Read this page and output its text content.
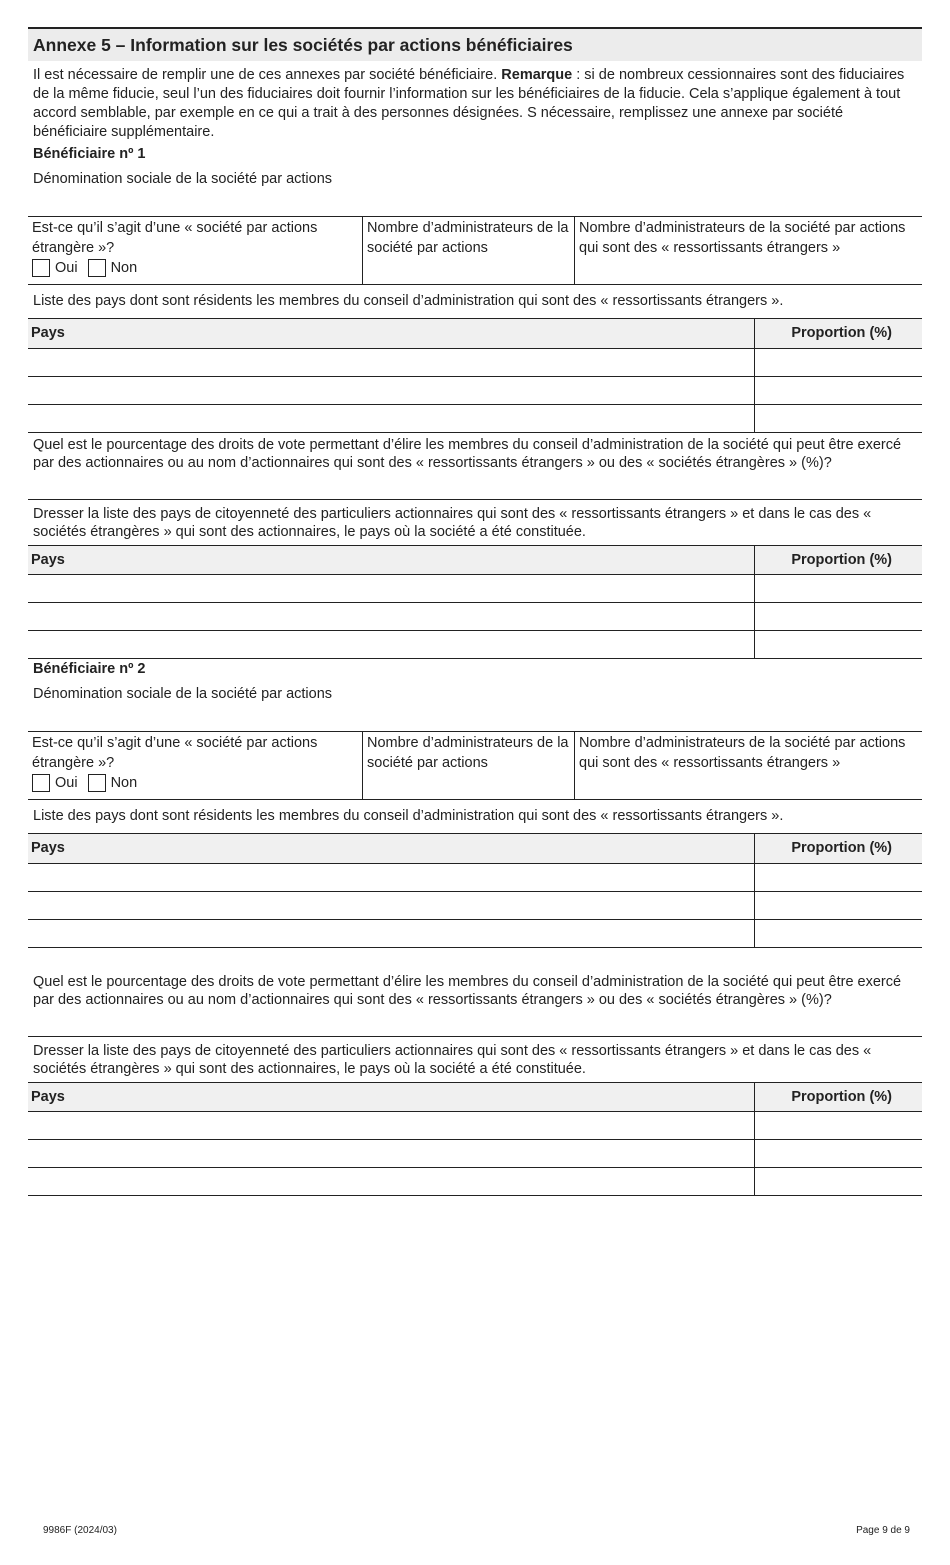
Annexe 5 – Information sur les sociétés par actions bénéficiaires
Il est nécessaire de remplir une de ces annexes par société bénéficiaire. Remarque : si de nombreux cessionnaires sont des fiduciaires de la même fiducie, seul l’un des fiduciaires doit fournir l’information sur les bénéficiaires de la fiducie. Cela s’applique également à tout accord semblable, par exemple en ce qui a trait à des personnes désignées. S nécessaire, remplissez une annexe par société bénéficiaire supplémentaire.
Bénéficiaire nº 1
Dénomination sociale de la société par actions
Est-ce qu’il s’agit d’une « société par actions étrangère »?
Oui Non
Nombre d’administrateurs de la société par actions
Nombre d’administrateurs de la société par actions qui sont des « ressortissants étrangers »
Liste des pays dont sont résidents les membres du conseil d’administration qui sont des « ressortissants étrangers ».
Pays	Proportion (%)

Quel est le pourcentage des droits de vote permettant d’élire les membres du conseil d’administration de la société qui peut être exercé par des actionnaires ou au nom d’actionnaires qui sont des « ressortissants étrangers » ou des « sociétés étrangères » (%)?
Dresser la liste des pays de citoyenneté des particuliers actionnaires qui sont des « ressortissants étrangers » et dans le cas des « sociétés étrangères » qui sont des actionnaires, le pays où la société a été constituée.
Pays	Proportion (%)

Bénéficiaire nº 2
Dénomination sociale de la société par actions
Est-ce qu’il s’agit d’une « société par actions étrangère »?
Oui Non
Nombre d’administrateurs de la société par actions
Nombre d’administrateurs de la société par actions qui sont des « ressortissants étrangers »
Liste des pays dont sont résidents les membres du conseil d’administration qui sont des « ressortissants étrangers ».
Pays	Proportion (%)

Quel est le pourcentage des droits de vote permettant d’élire les membres du conseil d’administration de la société qui peut être exercé par des actionnaires ou au nom d’actionnaires qui sont des « ressortissants étrangers » ou des « sociétés étrangères » (%)?
Dresser la liste des pays de citoyenneté des particuliers actionnaires qui sont des « ressortissants étrangers » et dans le cas des « sociétés étrangères » qui sont des actionnaires, le pays où la société a été constituée.
Pays	Proportion (%)

9986F (2024/03)	Page 9 de 9
